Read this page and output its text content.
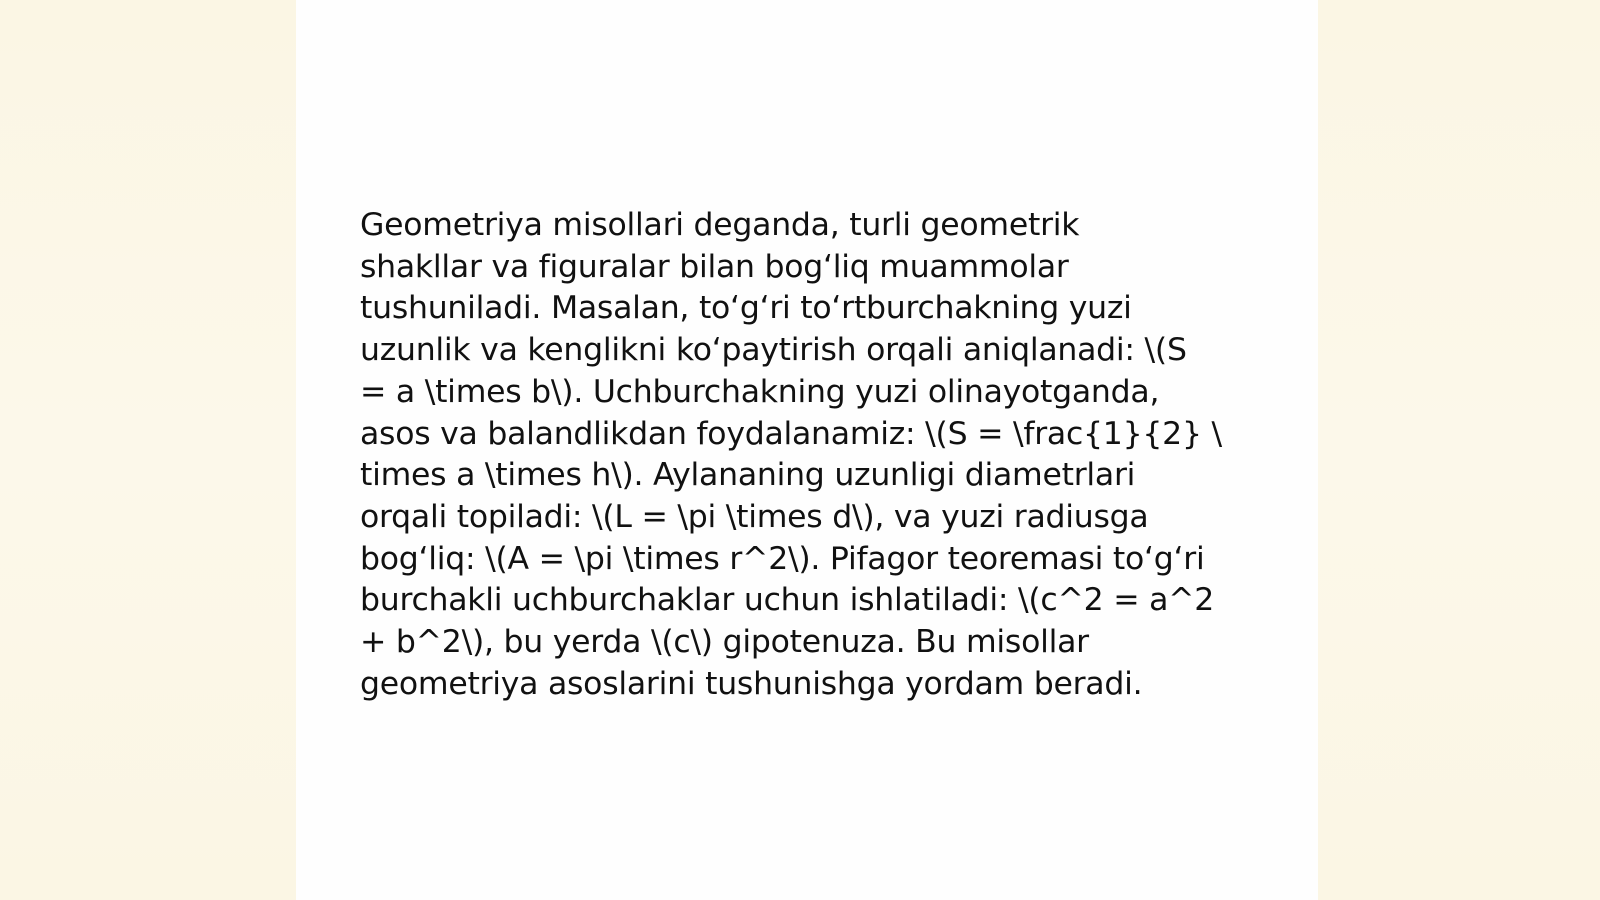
Geometriya misollari deganda, turli geometrik
shakllar va figuralar bilan bogʻliq muammolar
tushuniladi. Masalan, toʻgʻri toʻrtburchakning yuzi
uzunlik va kenglikni koʻpaytirish orqali aniqlanadi: \(S
= a \times b\). Uchburchakning yuzi olinayotganda,
asos va balandlikdan foydalanamiz: \(S = \frac{1}{2} \
times a \times h\). Aylananing uzunligi diametrlari
orqali topiladi: \(L = \pi \times d\), va yuzi radiusga
bogʻliq: \(A = \pi \times r^2\). Pifagor teoremasi toʻgʻri
burchakli uchburchaklar uchun ishlatiladi: \(c^2 = a^2
+ b^2\), bu yerda \(c\) gipotenuza. Bu misollar
geometriya asoslarini tushunishga yordam beradi.
